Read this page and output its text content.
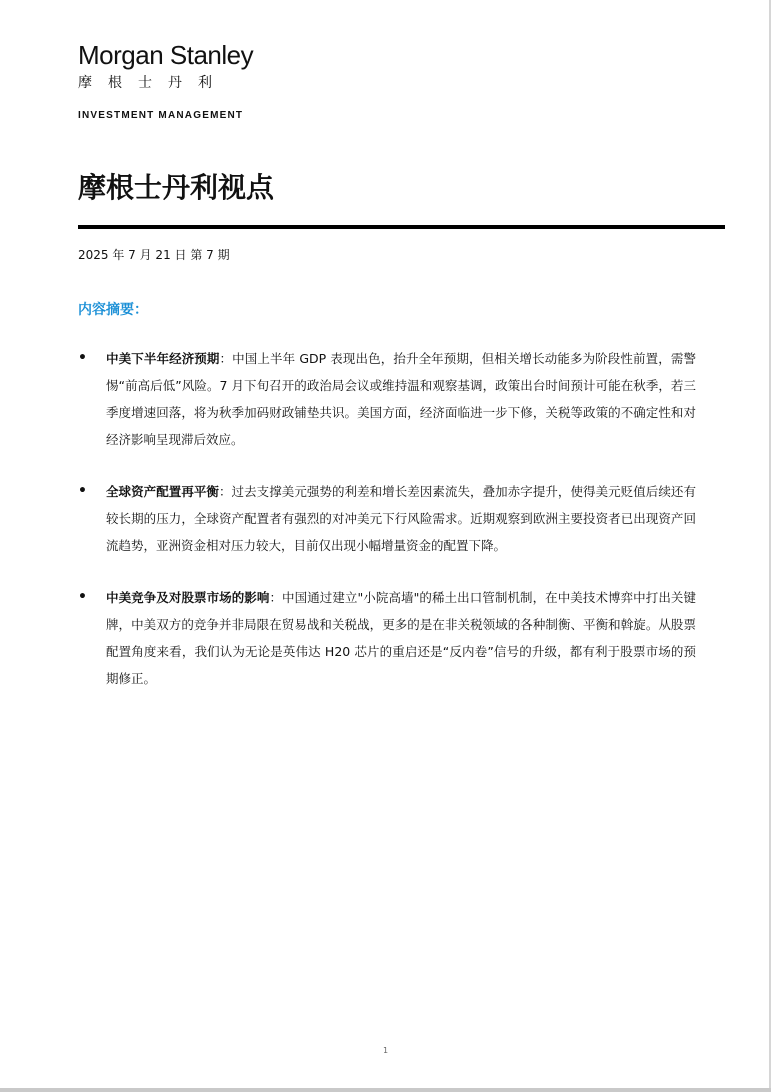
Morgan Stanley
摩根士丹利
INVESTMENT MANAGEMENT
摩根士丹利视点
2025 年 7 月 21 日 第 7 期
内容摘要：
• 中美下半年经济预期：中国上半年 GDP 表现出色，抬升全年预期，但相关增长动能多为阶段性前置，需警惕“前高后低”风险。7 月下旬召开的政治局会议或维持温和观察基调，政策出台时间预计可能在秋季，若三季度增速回落，将为秋季加码财政铺垫共识。美国方面，经济面临进一步下修，关税等政策的不确定性和对经济影响呈现滞后效应。
• 全球资产配置再平衡：过去支撑美元强势的利差和增长差因素流失，叠加赤字提升，使得美元贬值后续还有较长期的压力，全球资产配置者有强烈的对冲美元下行风险需求。近期观察到欧洲主要投资者已出现资产回流趋势，亚洲资金相对压力较大，目前仅出现小幅增量资金的配置下降。
• 中美竞争及对股票市场的影响：中国通过建立"小院高墙"的稀土出口管制机制，在中美技术博弈中打出关键牌，中美双方的竞争并非局限在贸易战和关税战，更多的是在非关税领域的各种制衡、平衡和斡旋。从股票配置角度来看，我们认为无论是英伟达 H20 芯片的重启还是“反内卷”信号的升级，都有利于股票市场的预期修正。
1
